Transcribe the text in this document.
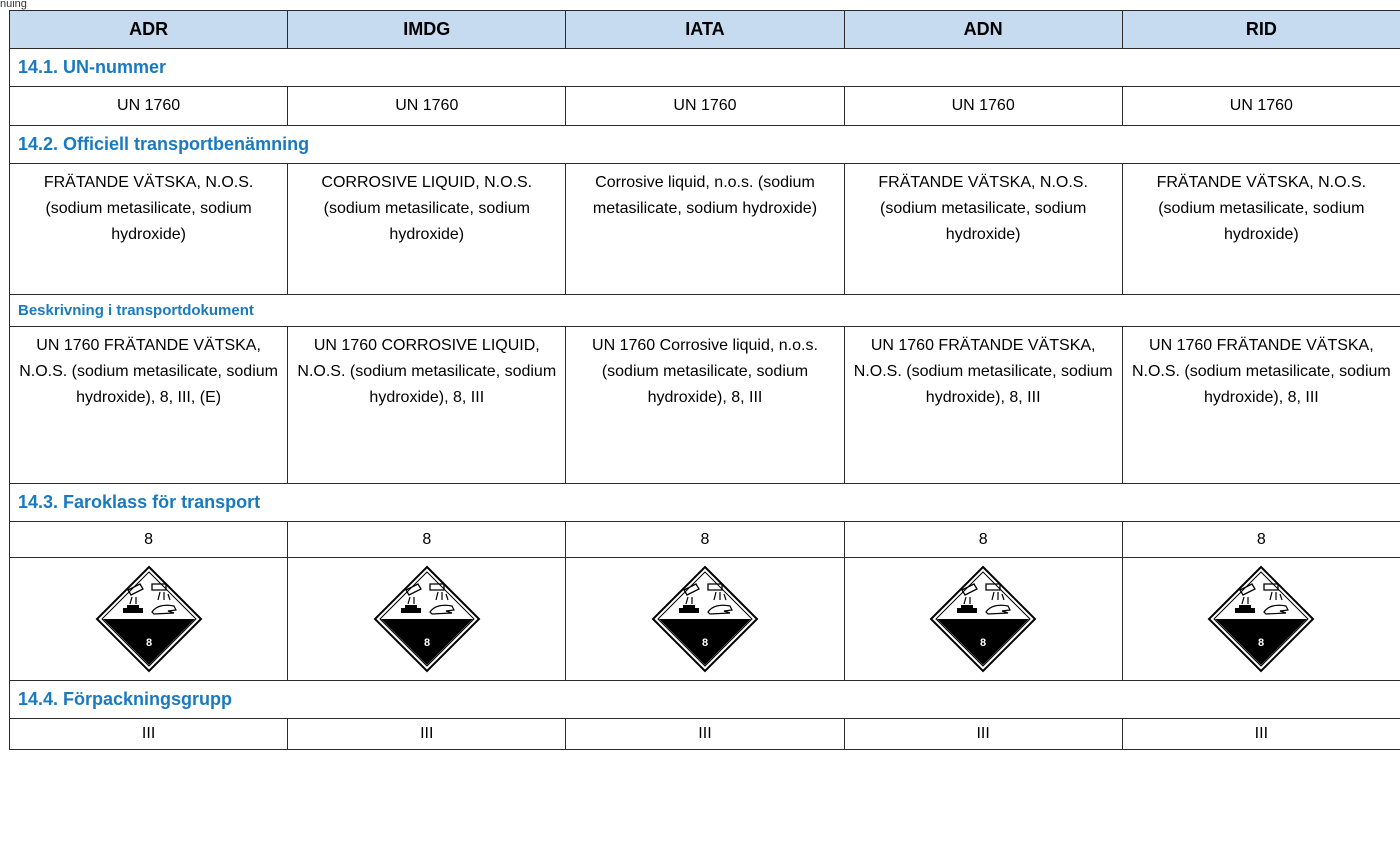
nuing
ADR	IMDG	IATA	ADN	RID
14.1. UN-nummer				
UN 1760	UN 1760	UN 1760	UN 1760	UN 1760
14.2. Officiell transportbenämning				
FRÄTANDE VÄTSKA, N.O.S. (sodium metasilicate, sodium hydroxide)	CORROSIVE LIQUID, N.O.S. (sodium metasilicate, sodium hydroxide)	Corrosive liquid, n.o.s. (sodium metasilicate, sodium hydroxide)	FRÄTANDE VÄTSKA, N.O.S. (sodium metasilicate, sodium hydroxide)	FRÄTANDE VÄTSKA, N.O.S. (sodium metasilicate, sodium hydroxide)
Beskrivning i transportdokument				
UN 1760 FRÄTANDE VÄTSKA, N.O.S. (sodium metasilicate, sodium hydroxide), 8, III, (E)	UN 1760 CORROSIVE LIQUID, N.O.S. (sodium metasilicate, sodium hydroxide), 8, III	UN 1760 Corrosive liquid, n.o.s. (sodium metasilicate, sodium hydroxide), 8, III	UN 1760 FRÄTANDE VÄTSKA, N.O.S. (sodium metasilicate, sodium hydroxide), 8, III	UN 1760 FRÄTANDE VÄTSKA, N.O.S. (sodium metasilicate, sodium hydroxide), 8, III
14.3. Faroklass för transport				
8	8	8	8	8

8	8	8	8	8

14.4. Förpackningsgrupp				
III	III	III	III	III
